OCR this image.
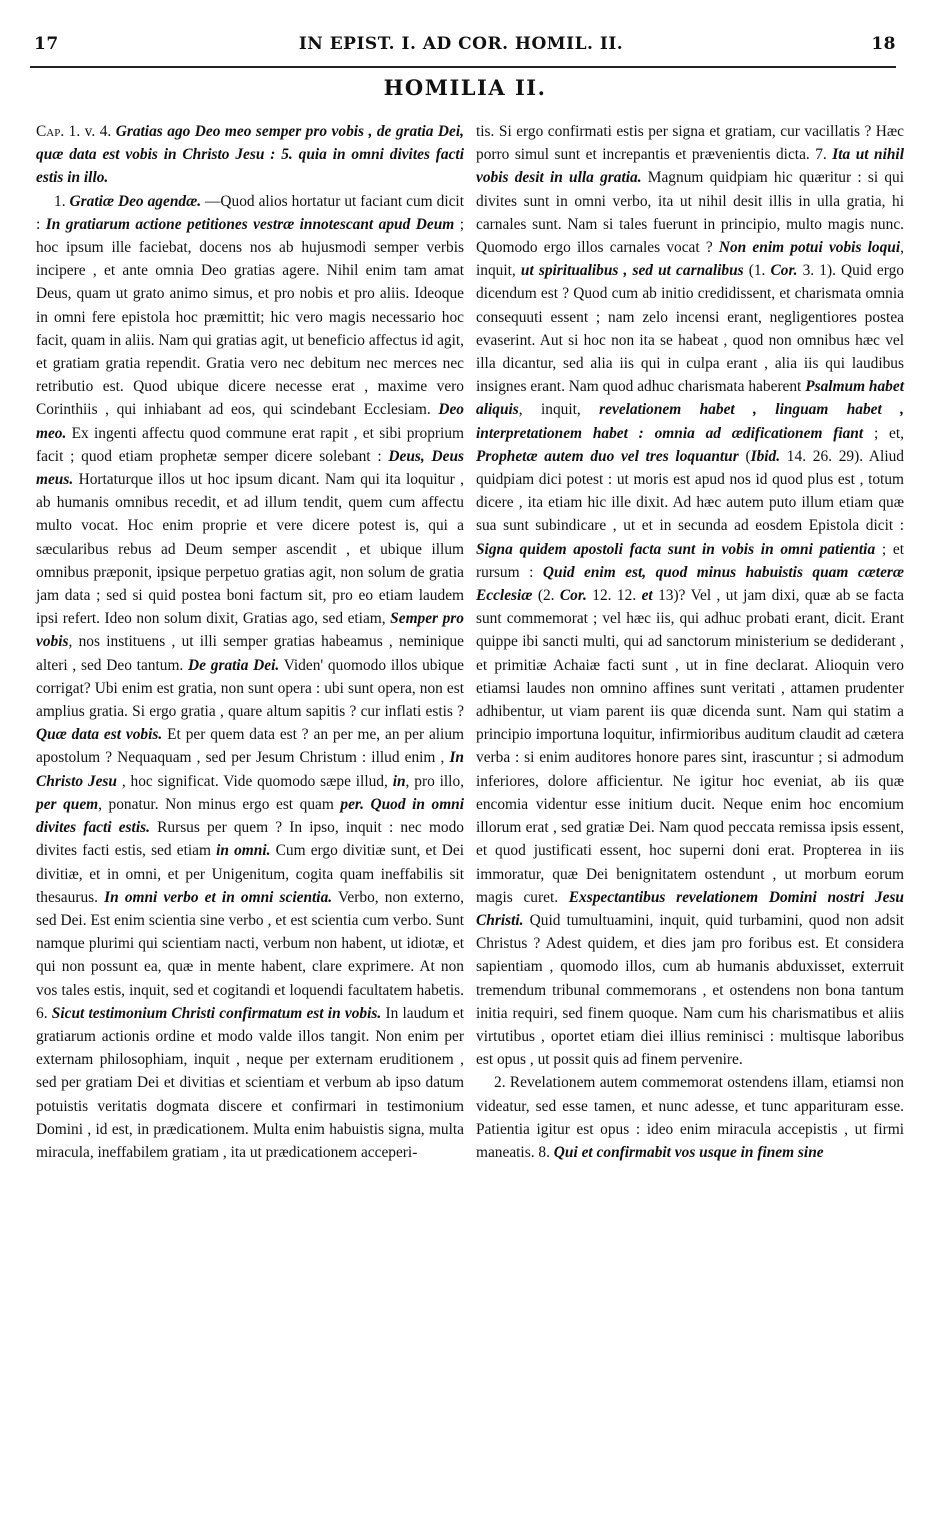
17	IN EPIST. I. AD COR. HOMIL. II.	18
HOMILIA II.

Cap. 1. v. 4. Gratias ago Deo meo semper pro vobis , de gratia Dei, quæ data est vobis in Christo Jesu : 5. quia in omni divites facti estis in illo.

1. Gratiæ Deo agendæ. —Quod alios hortatur ut faciant cum dicit : In gratiarum actione petitiones vestræ innotescant apud Deum ; hoc ipsum ille faciebat, docens nos ab hujusmodi semper verbis incipere , et ante omnia Deo gratias agere. Nihil enim tam amat Deus, quam ut grato animo simus, et pro nobis et pro aliis. Ideoque in omni fere epistola hoc præmittit; hic vero magis necessario hoc facit, quam in aliis. Nam qui gratias agit, ut beneficio affectus id agit, et gratiam gratia rependit. Gratia vero nec debitum nec merces nec retributio est. Quod ubique dicere necesse erat , maxime vero Corinthiis , qui inhiabant ad eos, qui scindebant Ecclesiam. Deo meo. Ex ingenti affectu quod commune erat rapit , et sibi proprium facit ; quod etiam prophetæ semper dicere solebant : Deus, Deus meus. Hortaturque illos ut hoc ipsum dicant. Nam qui ita loquitur , ab humanis omnibus recedit, et ad illum tendit, quem cum affectu multo vocat. Hoc enim proprie et vere dicere potest is, qui a sæcularibus rebus ad Deum semper ascendit , et ubique illum omnibus præponit, ipsique perpetuo gratias agit, non solum de gratia jam data ; sed si quid postea boni factum sit, pro eo etiam laudem ipsi refert. Ideo non solum dixit, Gratias ago, sed etiam, Semper pro vobis, nos instituens , ut illi semper gratias habeamus , neminique alteri , sed Deo tantum. De gratia Dei. Viden' quomodo illos ubique corrigat? Ubi enim est gratia, non sunt opera : ubi sunt opera, non est amplius gratia. Si ergo gratia , quare altum sapitis ? cur inflati estis ? Quæ data est vobis. Et per quem data est ? an per me, an per alium apostolum ? Nequaquam , sed per Jesum Christum : illud enim , In Christo Jesu , hoc significat. Vide quomodo sæpe illud, in, pro illo, per quem, ponatur. Non minus ergo est quam per. Quod in omni divites facti estis. Rursus per quem ? In ipso, inquit : nec modo divites facti estis, sed etiam in omni. Cum ergo divitiæ sunt, et Dei divitiæ, et in omni, et per Unigenitum, cogita quam ineffabilis sit thesaurus. In omni verbo et in omni scientia. Verbo, non externo, sed Dei. Est enim scientia sine verbo , et est scientia cum verbo. Sunt namque plurimi qui scientiam nacti, verbum non habent, ut idiotæ, et qui non possunt ea, quæ in mente habent, clare exprimere. At non vos tales estis, inquit, sed et cogitandi et loquendi facultatem habetis. 6. Sicut testimonium Christi confirmatum est in vobis. In laudum et gratiarum actionis ordine et modo valde illos tangit. Non enim per externam philosophiam, inquit , neque per externam eruditionem , sed per gratiam Dei et divitias et scientiam et verbum ab ipso datum potuistis veritatis dogmata discere et confirmari in testimonium Domini , id est, in prædicationem. Multa enim habuistis signa, multa miracula, ineffabilem gratiam , ita ut prædicationem acceperi-

tis. Si ergo confirmati estis per signa et gratiam, cur vacillatis ? Hæc porro simul sunt et increpantis et prævenientis dicta. 7. Ita ut nihil vobis desit in ulla gratia. Magnum quidpiam hic quæritur : si qui divites sunt in omni verbo, ita ut nihil desit illis in ulla gratia, hi carnales sunt. Nam si tales fuerunt in principio, multo magis nunc. Quomodo ergo illos carnales vocat ? Non enim potui vobis loqui, inquit, ut spiritualibus , sed ut carnalibus (1. Cor. 3. 1). Quid ergo dicendum est ? Quod cum ab initio credidissent, et charismata omnia consequuti essent ; nam zelo incensi erant, negligentiores postea evaserint. Aut si hoc non ita se habeat , quod non omnibus hæc vel illa dicantur, sed alia iis qui in culpa erant , alia iis qui laudibus insignes erant. Nam quod adhuc charismata haberent Psalmum habet aliquis, inquit, revelationem habet , linguam habet , interpretationem habet : omnia ad ædificationem fiant ; et, Prophetæ autem duo vel tres loquantur (Ibid. 14. 26. 29). Aliud quidpiam dici potest : ut moris est apud nos id quod plus est , totum dicere , ita etiam hic ille dixit. Ad hæc autem puto illum etiam quæ sua sunt subindicare , ut et in secunda ad eosdem Epistola dicit : Signa quidem apostoli facta sunt in vobis in omni patientia ; et rursum : Quid enim est, quod minus habuistis quam cæteræ Ecclesiæ (2. Cor. 12. 12. et 13)? Vel , ut jam dixi, quæ ab se facta sunt commemorat ; vel hæc iis, qui adhuc probati erant, dicit. Erant quippe ibi sancti multi, qui ad sanctorum ministerium se dediderant , et primitiæ Achaiæ facti sunt , ut in fine declarat. Alioquin vero etiamsi laudes non omnino affines sunt veritati , attamen prudenter adhibentur, ut viam parent iis quæ dicenda sunt. Nam qui statim a principio importuna loquitur, infirmioribus auditum claudit ad cætera verba : si enim auditores honore pares sint, irascuntur ; si admodum inferiores, dolore afficientur. Ne igitur hoc eveniat, ab iis quæ encomia videntur esse initium ducit. Neque enim hoc encomium illorum erat , sed gratiæ Dei. Nam quod peccata remissa ipsis essent, et quod justificati essent, hoc superni doni erat. Propterea in iis immoratur, quæ Dei benignitatem ostendunt , ut morbum eorum magis curet. Exspectantibus revelationem Domini nostri Jesu Christi. Quid tumultuamini, inquit, quid turbamini, quod non adsit Christus ? Adest quidem, et dies jam pro foribus est. Et considera sapientiam , quomodo illos, cum ab humanis abduxisset, exterruit tremendum tribunal commemorans , et ostendens non bona tantum initia requiri, sed finem quoque. Nam cum his charismatibus et aliis virtutibus , oportet etiam diei illius reminisci : multisque laboribus est opus , ut possit quis ad finem pervenire.

2. Revelationem autem commemorat ostendens illam, etiamsi non videatur, sed esse tamen, et nunc adesse, et tunc apparituram esse. Patientia igitur est opus : ideo enim miracula accepistis , ut firmi maneatis. 8. Qui et confirmabit vos usque in finem sine
